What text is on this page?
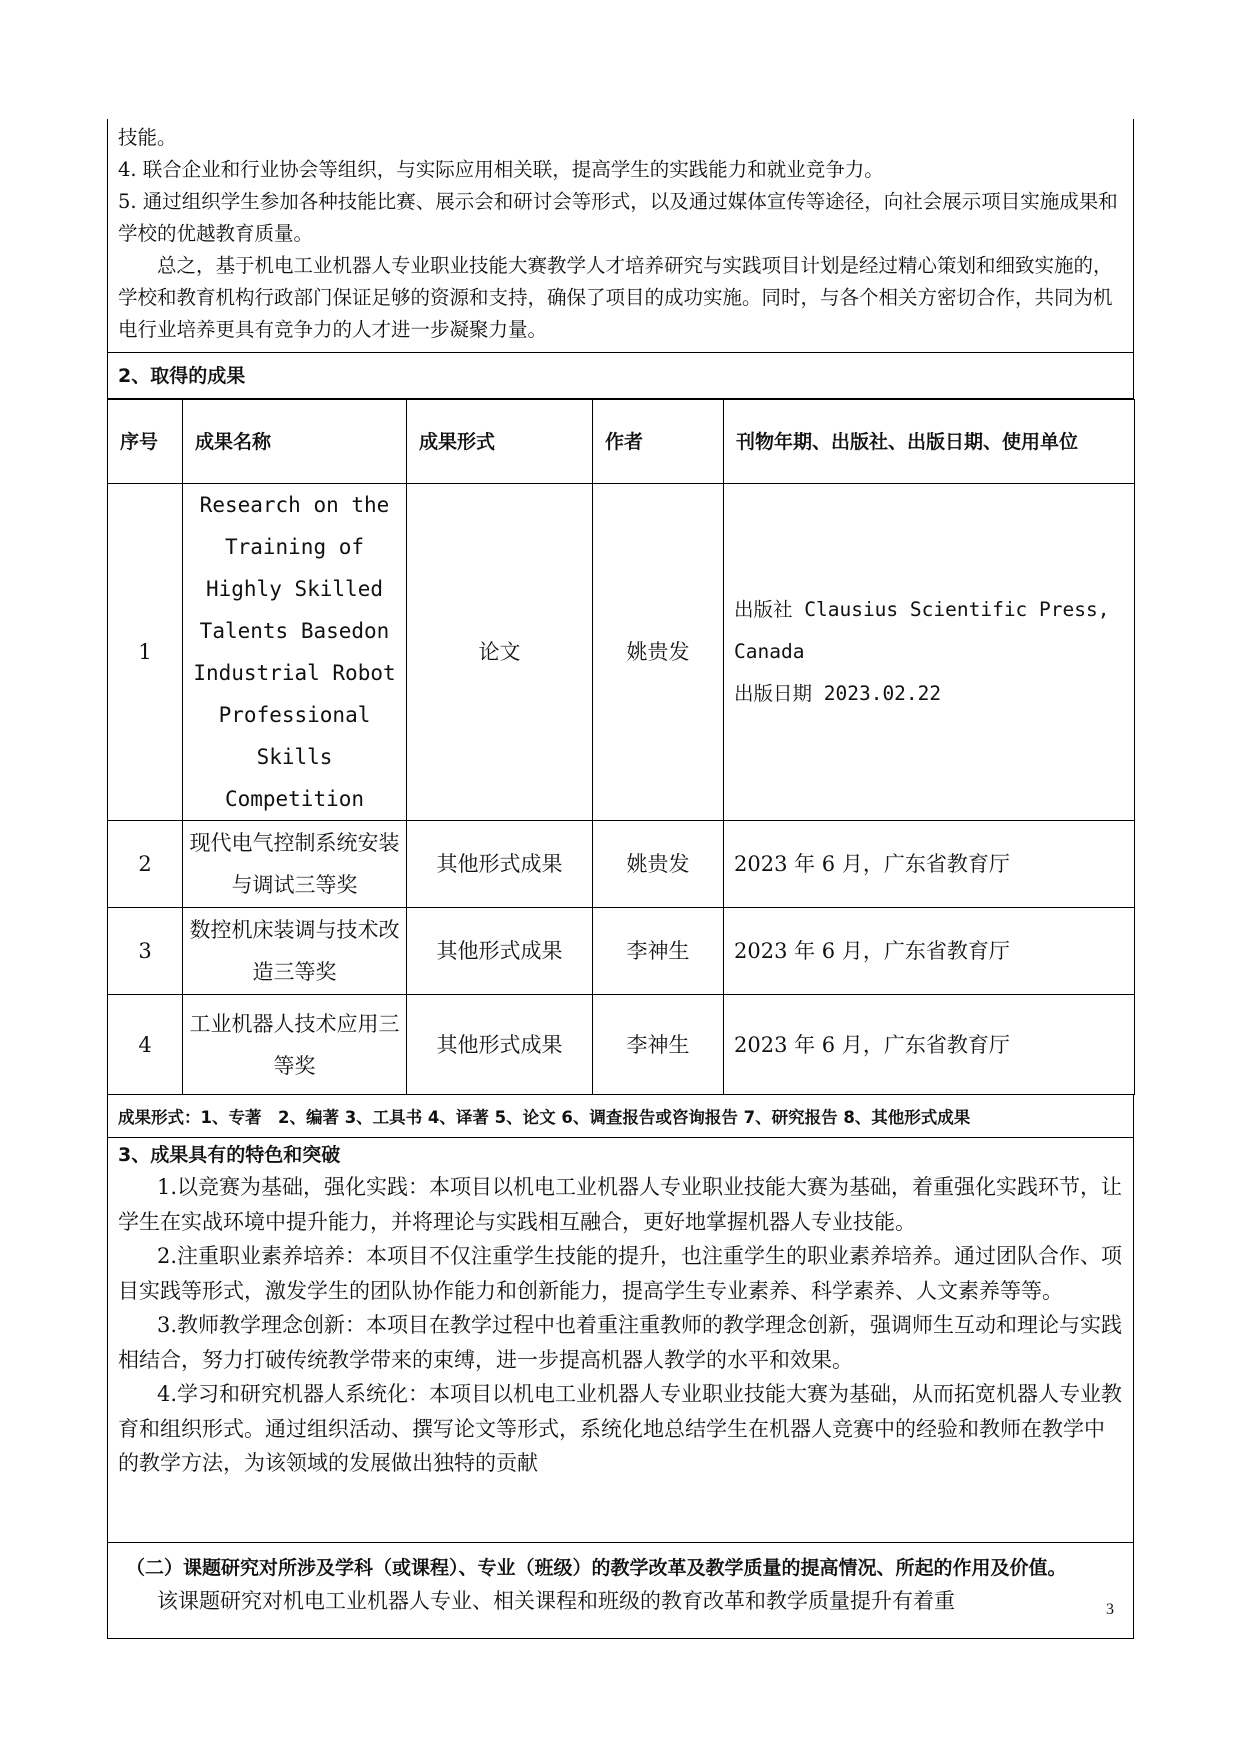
技能。

4. 联合企业和行业协会等组织，与实际应用相关联，提高学生的实践能力和就业竞争力。

5. 通过组织学生参加各种技能比赛、展示会和研讨会等形式，以及通过媒体宣传等途径，向社会展示项目实施成果和学校的优越教育质量。

总之，基于机电工业机器人专业职业技能大赛教学人才培养研究与实践项目计划是经过精心策划和细致实施的，学校和教育机构行政部门保证足够的资源和支持，确保了项目的成功实施。同时，与各个相关方密切合作，共同为机电行业培养更具有竞争力的人才进一步凝聚力量。

2、取得的成果
序号	成果名称	成果形式	作者	刊物年期、出版社、出版日期、使用单位
1	Research on the Training of Highly Skilled Talents Basedon Industrial Robot Professional Skills Competition	论文	姚贵发	出版社 Clausius Scientific Press, Canada
出版日期 2023.02.22

2	现代电气控制系统安装与调试三等奖	其他形式成果	姚贵发	2023 年 6 月，广东省教育厅
3	数控机床装调与技术改造三等奖	其他形式成果	李神生	2023 年 6 月，广东省教育厅
4	工业机器人技术应用三等奖	其他形式成果	李神生	2023 年 6 月，广东省教育厅
成果形式：1、专著　2、编著 3、工具书 4、译著 5、论文 6、调查报告或咨询报告 7、研究报告 8、其他形式成果
3、成果具有的特色和突破

1.以竞赛为基础，强化实践：本项目以机电工业机器人专业职业技能大赛为基础，着重强化实践环节，让学生在实战环境中提升能力，并将理论与实践相互融合，更好地掌握机器人专业技能。

2.注重职业素养培养：本项目不仅注重学生技能的提升，也注重学生的职业素养培养。通过团队合作、项目实践等形式，激发学生的团队协作能力和创新能力，提高学生专业素养、科学素养、人文素养等等。

3.教师教学理念创新：本项目在教学过程中也着重注重教师的教学理念创新，强调师生互动和理论与实践相结合，努力打破传统教学带来的束缚，进一步提高机器人教学的水平和效果。

4.学习和研究机器人系统化：本项目以机电工业机器人专业职业技能大赛为基础，从而拓宽机器人专业教育和组织形式。通过组织活动、撰写论文等形式，系统化地总结学生在机器人竞赛中的经验和教师在教学中的教学方法，为该领域的发展做出独特的贡献

（二）课题研究对所涉及学科（或课程）、专业（班级）的教学改革及教学质量的提高情况、所起的作用及价值。

该课题研究对机电工业机器人专业、相关课程和班级的教育改革和教学质量提升有着重	3
